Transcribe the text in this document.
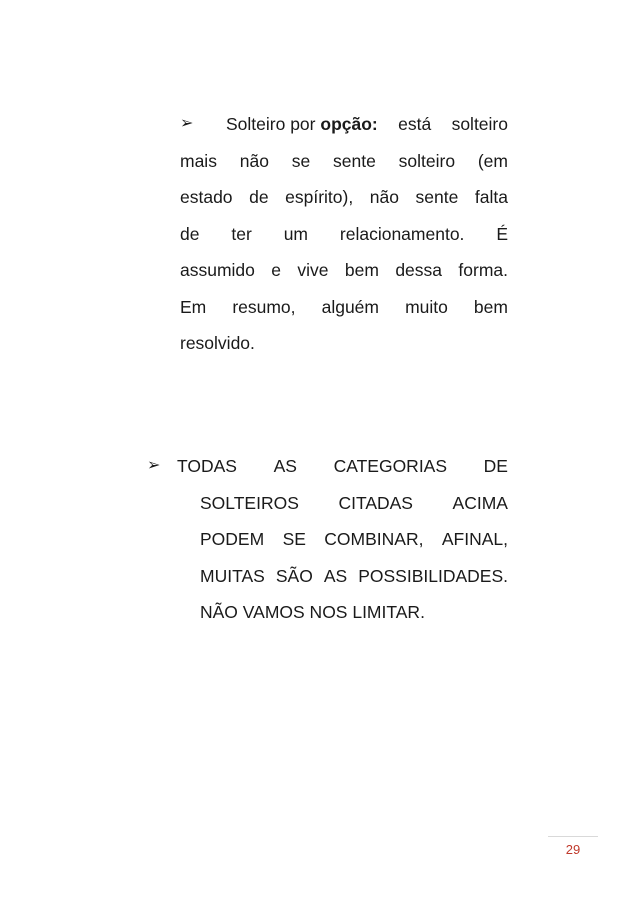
➢	Solteiro por opção: está solteiro
mais não se sente solteiro (em
estado de espírito), não sente falta
de ter um relacionamento. É
assumido e vive bem dessa forma.
Em resumo, alguém muito bem
resolvido.
➢ TODAS AS CATEGORIAS DE
SOLTEIROS CITADAS ACIMA
PODEM SE COMBINAR, AFINAL,
MUITAS SÃO AS POSSIBILIDADES.
NÃO VAMOS NOS LIMITAR.
29
